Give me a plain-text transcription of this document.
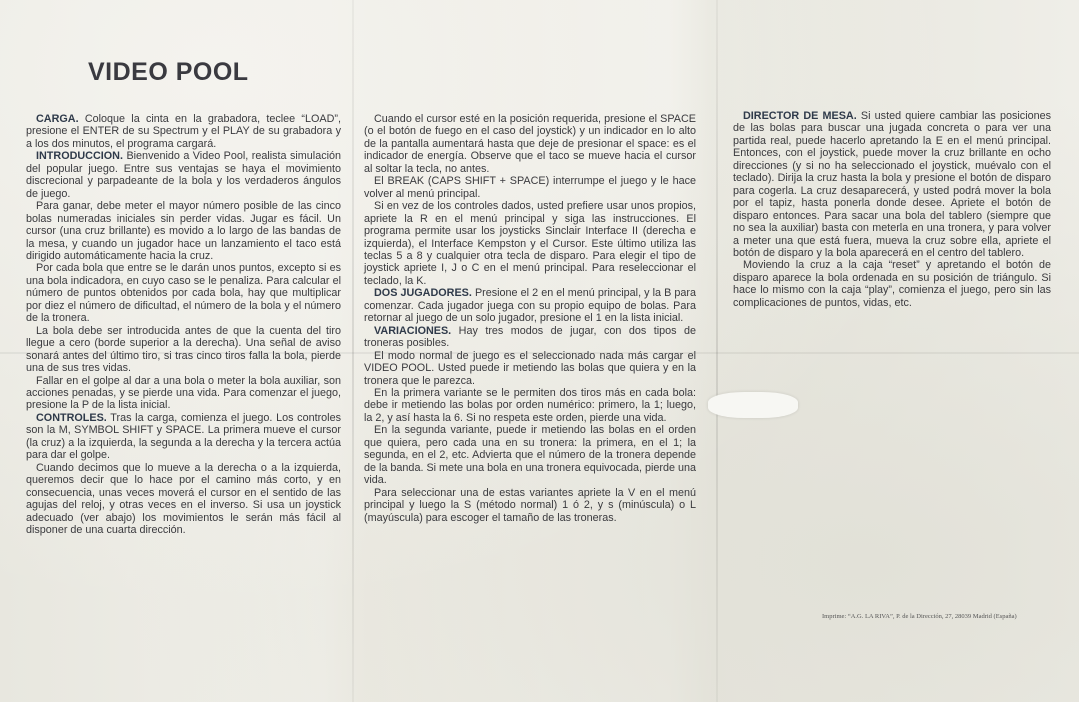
VIDEO POOL

CARGA. Coloque la cinta en la grabadora, teclee “LOAD”, presione el ENTER de su Spectrum y el PLAY de su grabadora y a los dos minutos, el programa cargará.

INTRODUCCION. Bienvenido a Video Pool, realista simulación del popular juego. Entre sus ventajas se haya el movimiento discrecional y parpadeante de la bola y los verdaderos ángulos de juego.

Para ganar, debe meter el mayor número posible de las cinco bolas numeradas iniciales sin perder vidas. Jugar es fácil. Un cursor (una cruz brillante) es movido a lo largo de las bandas de la mesa, y cuando un jugador hace un lanzamiento el taco está dirigido automáticamente hacia la cruz.

Por cada bola que entre se le darán unos puntos, excepto si es una bola indicadora, en cuyo caso se le penaliza. Para calcular el número de puntos obtenidos por cada bola, hay que multiplicar por diez el número de dificultad, el número de la bola y el número de la tronera.

La bola debe ser introducida antes de que la cuenta del tiro llegue a cero (borde superior a la derecha). Una señal de aviso sonará antes del último tiro, si tras cinco tiros falla la bola, pierde una de sus tres vidas.

Fallar en el golpe al dar a una bola o meter la bola auxiliar, son acciones penadas, y se pierde una vida. Para comenzar el juego, presione la P de la lista inicial.

CONTROLES. Tras la carga, comienza el juego. Los controles son la M, SYMBOL SHIFT y SPACE. La primera mueve el cursor (la cruz) a la izquierda, la segunda a la derecha y la tercera actúa para dar el golpe.

Cuando decimos que lo mueve a la derecha o a la izquierda, queremos decir que lo hace por el camino más corto, y en consecuencia, unas veces moverá el cursor en el sentido de las agujas del reloj, y otras veces en el inverso. Si usa un joystick adecuado (ver abajo) los movimientos le serán más fácil al disponer de una cuarta dirección.

Cuando el cursor esté en la posición requerida, presione el SPACE (o el botón de fuego en el caso del joystick) y un indicador en lo alto de la pantalla aumentará hasta que deje de presionar el space: es el indicador de energía. Observe que el taco se mueve hacia el cursor al soltar la tecla, no antes.

El BREAK (CAPS SHIFT + SPACE) interrumpe el juego y le hace volver al menú principal.

Si en vez de los controles dados, usted prefiere usar unos propios, apriete la R en el menú principal y siga las instrucciones. El programa permite usar los joysticks Sinclair Interface II (derecha e izquierda), el Interface Kempston y el Cursor. Este último utiliza las teclas 5 a 8 y cualquier otra tecla de disparo. Para elegir el tipo de joystick apriete I, J o C en el menú principal. Para reseleccionar el teclado, la K.

DOS JUGADORES. Presione el 2 en el menú principal, y la B para comenzar. Cada jugador juega con su propio equipo de bolas. Para retornar al juego de un solo jugador, presione el 1 en la lista inicial.

VARIACIONES. Hay tres modos de jugar, con dos tipos de troneras posibles.

El modo normal de juego es el seleccionado nada más cargar el VIDEO POOL. Usted puede ir metiendo las bolas que quiera y en la tronera que le parezca.

En la primera variante se le permiten dos tiros más en cada bola: debe ir metiendo las bolas por orden numérico: primero, la 1; luego, la 2, y así hasta la 6. Si no respeta este orden, pierde una vida.

En la segunda variante, puede ir metiendo las bolas en el orden que quiera, pero cada una en su tronera: la primera, en el 1; la segunda, en el 2, etc. Advierta que el número de la tronera depende de la banda. Si mete una bola en una tronera equivocada, pierde una vida.

Para seleccionar una de estas variantes apriete la V en el menú principal y luego la S (método normal) 1 ó 2, y s (minúscula) o L (mayúscula) para escoger el tamaño de las troneras.

DIRECTOR DE MESA. Si usted quiere cambiar las posiciones de las bolas para buscar una jugada concreta o para ver una partida real, puede hacerlo apretando la E en el menú principal. Entonces, con el joystick, puede mover la cruz brillante en ocho direcciones (y si no ha seleccionado el joystick, muévalo con el teclado). Dirija la cruz hasta la bola y presione el botón de disparo para cogerla. La cruz desaparecerá, y usted podrá mover la bola por el tapiz, hasta ponerla donde desee. Apriete el botón de disparo entonces. Para sacar una bola del tablero (siempre que no sea la auxiliar) basta con meterla en una tronera, y para volver a meter una que está fuera, mueva la cruz sobre ella, apriete el botón de disparo y la bola aparecerá en el centro del tablero.

Moviendo la cruz a la caja “reset” y apretando el botón de disparo aparece la bola ordenada en su posición de triángulo. Si hace lo mismo con la caja “play”, comienza el juego, pero sin las complicaciones de puntos, vidas, etc.

Imprime: “A.G. LA RIVA”, P. de la Dirección, 27, 28039 Madrid (España)
